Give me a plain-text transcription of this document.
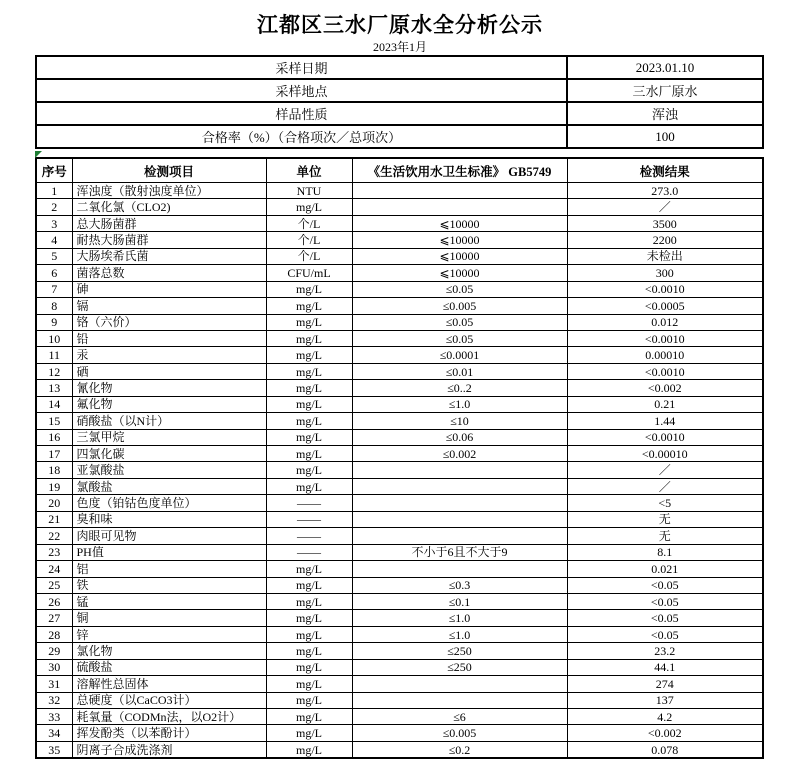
江都区三水厂原水全分析公示
2023年1月
采样日期	2023.01.10
采样地点	三水厂原水
样品性质	浑浊
合格率（%）（合格项次／总项次）	100
序号	检测项目	单位	《生活饮用水卫生标准》 GB5749	检测结果
1	浑浊度（散射浊度单位）	NTU		273.0
2	二氧化氯（CLO2)	mg/L		／
3	总大肠菌群	个/L	⩽10000	3500
4	耐热大肠菌群	个/L	⩽10000	2200
5	大肠埃希氏菌	个/L	⩽10000	未检出
6	菌落总数	CFU/mL	⩽10000	300
7	砷	mg/L	≤0.05	<0.0010
8	镉	mg/L	≤0.005	<0.0005
9	铬（六价）	mg/L	≤0.05	0.012
10	铅	mg/L	≤0.05	<0.0010
11	汞	mg/L	≤0.0001	0.00010
12	硒	mg/L	≤0.01	<0.0010
13	氰化物	mg/L	≤0..2	<0.002
14	氟化物	mg/L	≤1.0	0.21
15	硝酸盐（以N计）	mg/L	≤10	1.44
16	三氯甲烷	mg/L	≤0.06	<0.0010
17	四氯化碳	mg/L	≤0.002	<0.00010
18	亚氯酸盐	mg/L		／
19	氯酸盐	mg/L		／
20	色度（铂钴色度单位）	——		<5
21	臭和味	——		无
22	肉眼可见物	——		无
23	PH值	——	不小于6且不大于9	8.1
24	铝	mg/L		0.021
25	铁	mg/L	≤0.3	<0.05
26	锰	mg/L	≤0.1	<0.05
27	铜	mg/L	≤1.0	<0.05
28	锌	mg/L	≤1.0	<0.05
29	氯化物	mg/L	≤250	23.2
30	硫酸盐	mg/L	≤250	44.1
31	溶解性总固体	mg/L		274
32	总硬度（以CaCO3计）	mg/L		137
33	耗氧量（CODMn法，以O2计）	mg/L	≤6	4.2
34	挥发酚类（以苯酚计）	mg/L	≤0.005	<0.002
35	阴离子合成洗涤剂	mg/L	≤0.2	0.078
